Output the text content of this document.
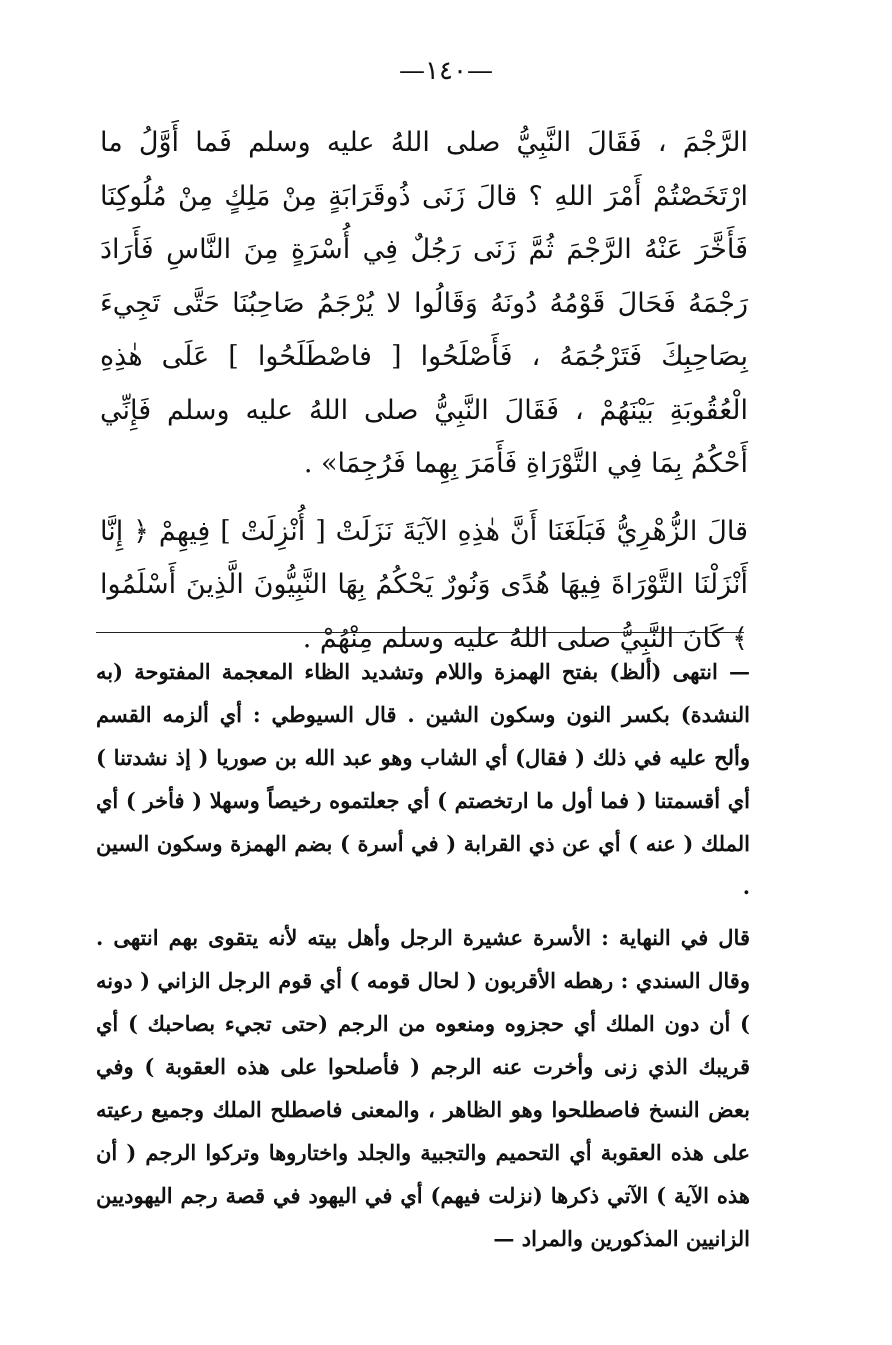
—١٤٠—

الرَّجْمَ ، فَقَالَ النَّبِيُّ صلى اللهُ عليه وسلم فَما أَوَّلُ ما ارْتَخَصْتُمْ أَمْرَ اللهِ ؟ قالَ زَنَى ذُوقَرَابَةٍ مِنْ مَلِكٍ مِنْ مُلُوكِنَا فَأَخَّرَ عَنْهُ الرَّجْمَ ثُمَّ زَنَى رَجُلٌ فِي أُسْرَةٍ مِنَ النَّاسِ فَأَرَادَ رَجْمَهُ فَحَالَ قَوْمُهُ دُونَهُ وَقَالُوا لا يُرْجَمُ صَاحِبُنَا حَتَّى تَجِيءَ بِصَاحِبِكَ فَتَرْجُمَهُ ، فَأَصْلَحُوا [ فاصْطَلَحُوا ] عَلَى هٰذِهِ الْعُقُوبَةِ بَيْنَهُمْ ، فَقَالَ النَّبِيُّ صلى اللهُ عليه وسلم فَإِنِّي أَحْكُمُ بِمَا فِي التَّوْرَاةِ فَأَمَرَ بِهِما فَرُجِمَا» .

قالَ الزُّهْرِيُّ فَبَلَغَنَا أَنَّ هٰذِهِ الآيَةَ نَزَلَتْ [ أُنْزِلَتْ ] فِيهِمْ ﴿ إِنَّا أَنْزَلْنَا التَّوْرَاةَ فِيهَا هُدًى وَنُورٌ يَحْكُمُ بِهَا النَّبِيُّونَ الَّذِينَ أَسْلَمُوا ﴾ كَانَ النَّبِيُّ صلى اللهُ عليه وسلم مِنْهُمْ .

— انتهى (ألظ) بفتح الهمزة واللام وتشديد الظاء المعجمة المفتوحة (به النشدة) بكسر النون وسكون الشين . قال السيوطي : أي ألزمه القسم وألح عليه في ذلك ( فقال) أي الشاب وهو عبد الله بن صوريا ( إذ نشدتنا ) أي أقسمتنا ( فما أول ما ارتخصتم ) أي جعلتموه رخيصاً وسهلا ( فأخر ) أي الملك ( عنه ) أي عن ذي القرابة ( في أسرة ) بضم الهمزة وسكون السين .

قال في النهاية : الأسرة عشيرة الرجل وأهل بيته لأنه يتقوى بهم انتهى . وقال السندي : رهطه الأقربون ( لحال قومه ) أي قوم الرجل الزاني ( دونه ) أن دون الملك أي حجزوه ومنعوه من الرجم (حتى تجيء بصاحبك ) أي قريبك الذي زنى وأخرت عنه الرجم ( فأصلحوا على هذه العقوبة ) وفي بعض النسخ فاصطلحوا وهو الظاهر ، والمعنى فاصطلح الملك وجميع رعيته على هذه العقوبة أي التحميم والتجبية والجلد واختاروها وتركوا الرجم ( أن هذه الآية ) الآتي ذكرها (نزلت فيهم) أي في اليهود في قصة رجم اليهوديين الزانيين المذكورين والمراد —
